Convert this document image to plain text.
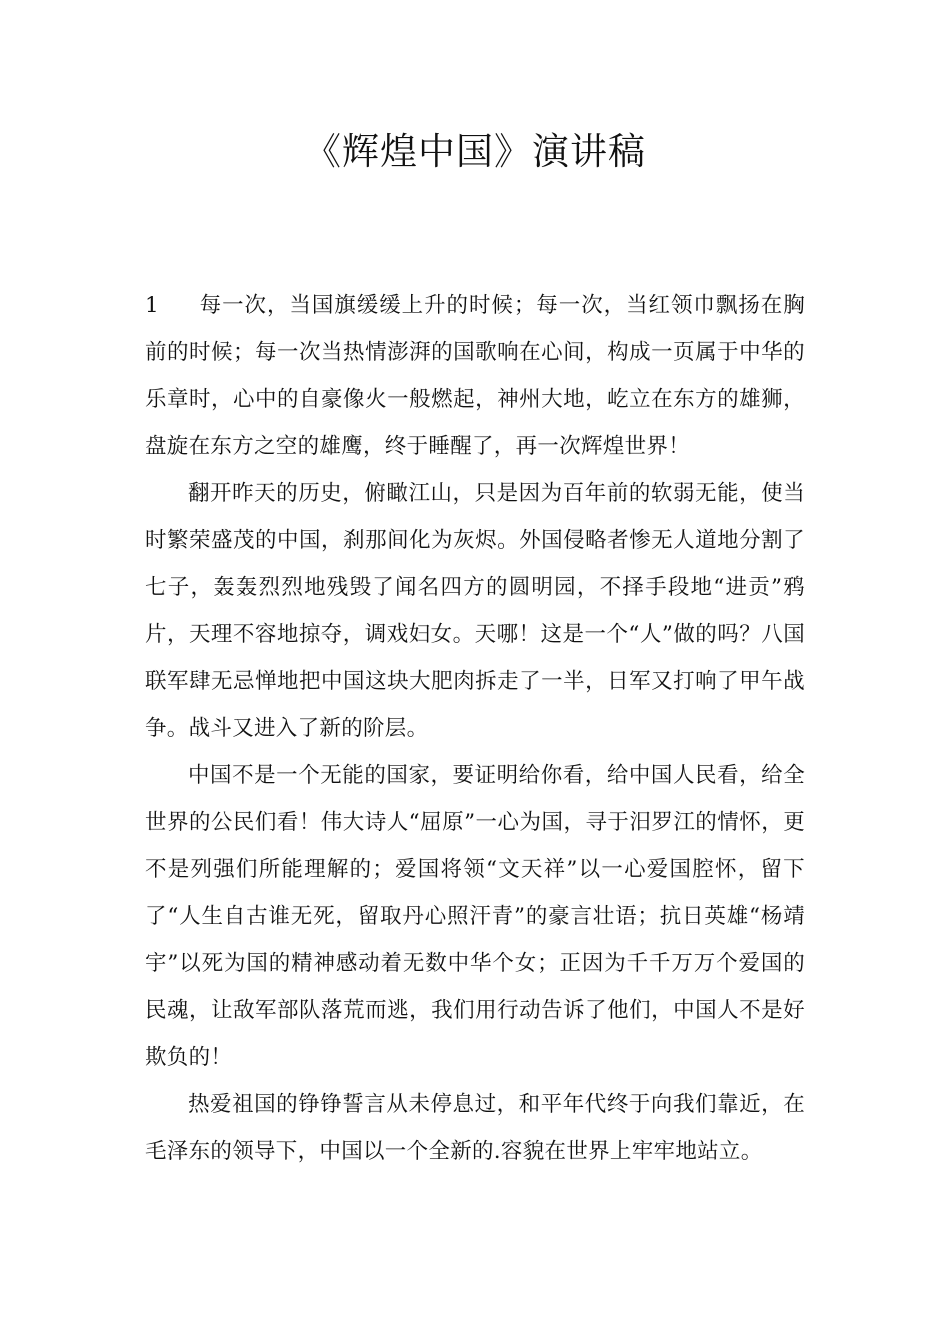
《辉煌中国》演讲稿

1 每一次，当国旗缓缓上升的时候；每一次，当红领巾飘扬在胸前的时候；每一次当热情澎湃的国歌响在心间，构成一页属于中华的乐章时，心中的自豪像火一般燃起，神州大地，屹立在东方的雄狮，盘旋在东方之空的雄鹰，终于睡醒了，再一次辉煌世界！

翻开昨天的历史，俯瞰江山，只是因为百年前的软弱无能，使当时繁荣盛茂的中国，刹那间化为灰烬。外国侵略者惨无人道地分割了七子，轰轰烈烈地残毁了闻名四方的圆明园，不择手段地“进贡”鸦片，天理不容地掠夺，调戏妇女。天哪！这是一个“人”做的吗？八国联军肆无忌惮地把中国这块大肥肉拆走了一半，日军又打响了甲午战争。战斗又进入了新的阶层。

中国不是一个无能的国家，要证明给你看，给中国人民看，给全世界的公民们看！伟大诗人“屈原”一心为国，寻于汨罗江的情怀，更不是列强们所能理解的；爱国将领“文天祥”以一心爱国腔怀，留下了“人生自古谁无死，留取丹心照汗青”的豪言壮语；抗日英雄“杨靖宇”以死为国的精神感动着无数中华个女；正因为千千万万个爱国的民魂，让敌军部队落荒而逃，我们用行动告诉了他们，中国人不是好欺负的！

热爱祖国的铮铮誓言从未停息过，和平年代终于向我们靠近，在毛泽东的领导下，中国以一个全新的.容貌在世界上牢牢地站立。
